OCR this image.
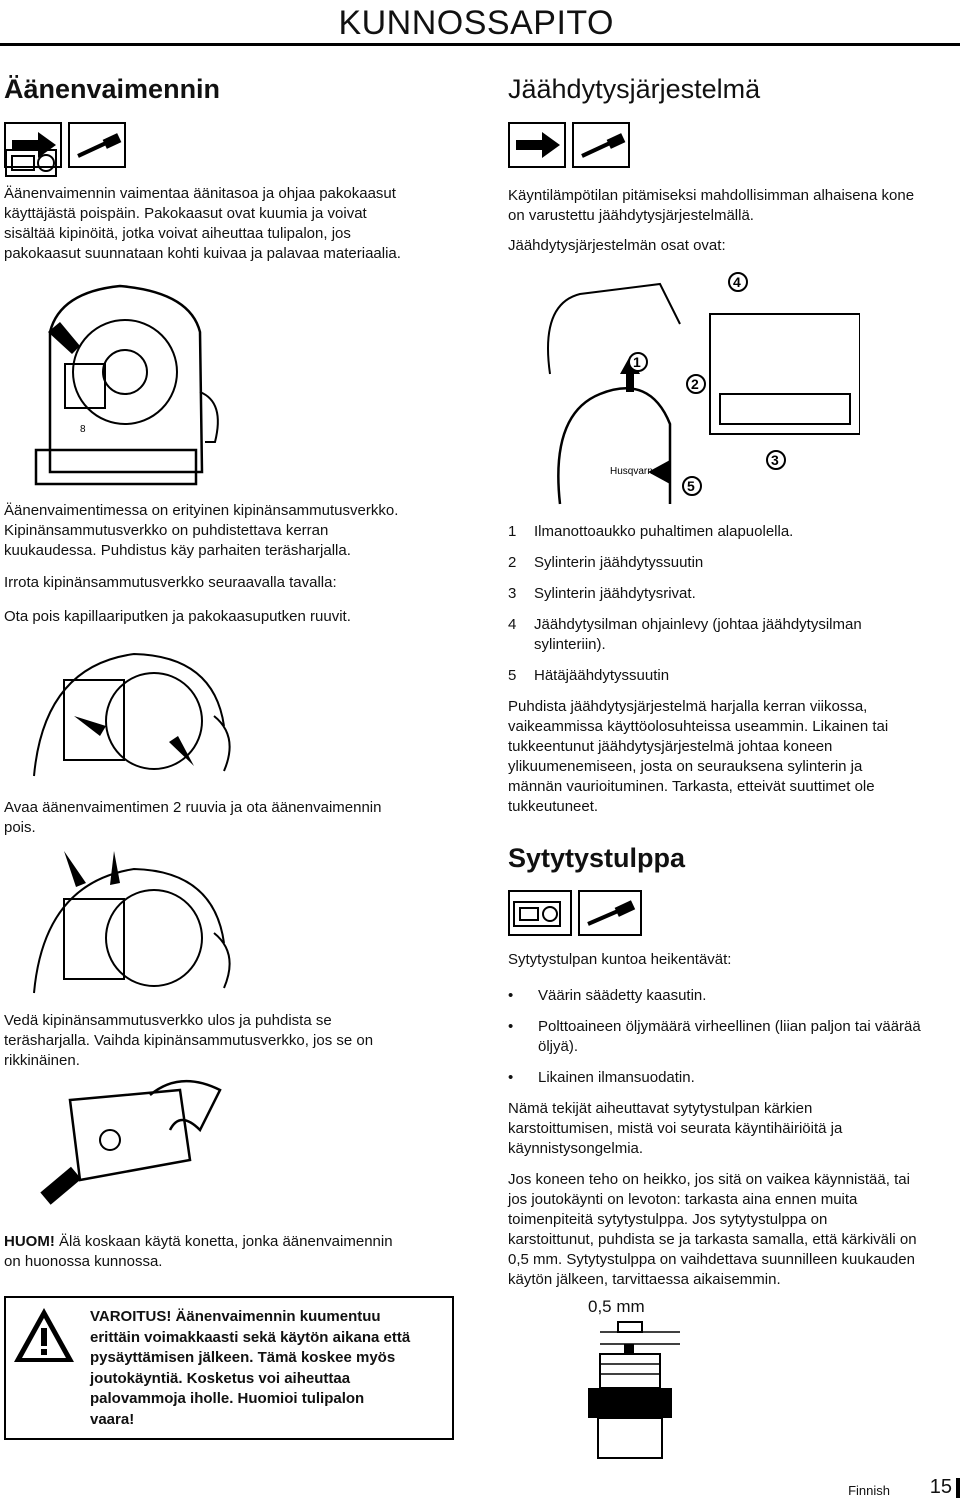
KUNNOSSAPITO
Äänenvaimennin

Äänenvaimennin vaimentaa äänitasoa ja ohjaa pakokaasut

käyttäjästä poispäin. Pakokaasut ovat kuumia ja voivat

sisältää kipinöitä, jotka voivat aiheuttaa tulipalon, jos

pakokaasut suunnataan kohti kuivaa ja palavaa materiaalia.

8

Äänenvaimentimessa on erityinen kipinänsammutusverkko.

Kipinänsammutusverkko on puhdistettava kerran

kuukaudessa. Puhdistus käy parhaiten teräsharjalla.

Irrota kipinänsammutusverkko seuraavalla tavalla:

Ota pois kapillaariputken ja pakokaasuputken ruuvit.

Avaa äänenvaimentimen 2 ruuvia ja ota äänenvaimennin

pois.

Vedä kipinänsammutusverkko ulos ja puhdista se

teräsharjalla. Vaihda kipinänsammutusverkko, jos se on

rikkinäinen.

HUOM! Älä koskaan käytä konetta, jonka äänenvaimennin

on huonossa kunnossa.

VAROITUS! Äänenvaimennin kuumentuu
erittäin voimakkaasti sekä käytön aikana että
pysäyttämisen jälkeen. Tämä koskee myös
joutokäyntiä. Kosketus voi aiheuttaa
palovammoja iholle. Huomioi tulipalon
vaara!
Jäähdytysjärjestelmä

Käyntilämpötilan pitämiseksi mahdollisimman alhaisena kone

on varustettu jäähdytysjärjestelmällä.

Jäähdytysjärjestelmän osat ovat:

Husqvarna
4
1
2
3
5
1 Ilmanottoaukko puhaltimen alapuolella.
2 Sylinterin jäähdytyssuutin
3 Sylinterin jäähdytysrivat.
4 Jäähdytysilman ohjainlevy (johtaa jäähdytysilman
sylinteriin).
5 Hätäjäähdytyssuutin

Puhdista jäähdytysjärjestelmä harjalla kerran viikossa,

vaikeammissa käyttöolosuhteissa useammin. Likainen tai

tukkeentunut jäähdytysjärjestelmä johtaa koneen

ylikuumenemiseen, josta on seurauksena sylinterin ja

männän vaurioituminen. Tarkasta, etteivät suuttimet ole

tukkeutuneet.

Sytytystulppa

Sytytystulpan kuntoa heikentävät:

• Väärin säädetty kaasutin.
• Polttoaineen öljymäärä virheellinen (liian paljon tai väärää
öljyä).
• Likainen ilmansuodatin.

Nämä tekijät aiheuttavat sytytystulpan kärkien

karstoittumisen, mistä voi seurata käyntihäiriöitä ja

käynnistysongelmia.

Jos koneen teho on heikko, jos sitä on vaikea käynnistää, tai

jos joutokäynti on levoton: tarkasta aina ennen muita

toimenpiteitä sytytystulppa. Jos sytytystulppa on

karstoittunut, puhdista se ja tarkasta samalla, että kärkiväli on

0,5 mm. Sytytystulppa on vaihdettava suunnilleen kuukauden

käytön jälkeen, tarvittaessa aikaisemmin.

0,5 mm
Finnish 15
